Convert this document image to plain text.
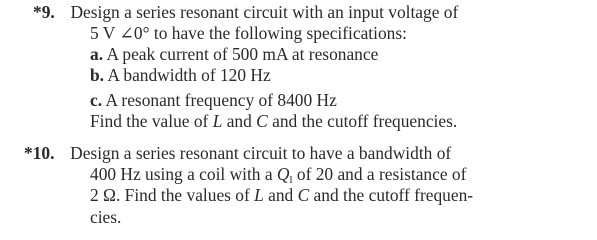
*9. Design a series resonant circuit with an input voltage of
5 V ∠0° to have the following specifications:
a. A peak current of 500 mA at resonance
b. A bandwidth of 120 Hz
c. A resonant frequency of 8400 Hz
Find the value of L and C and the cutoff frequencies.
*10. Design a series resonant circuit to have a bandwidth of
400 Hz using a coil with a $Q_l$ of 20 and a resistance of
2 Ω. Find the values of L and C and the cutoff frequen-
cies.
